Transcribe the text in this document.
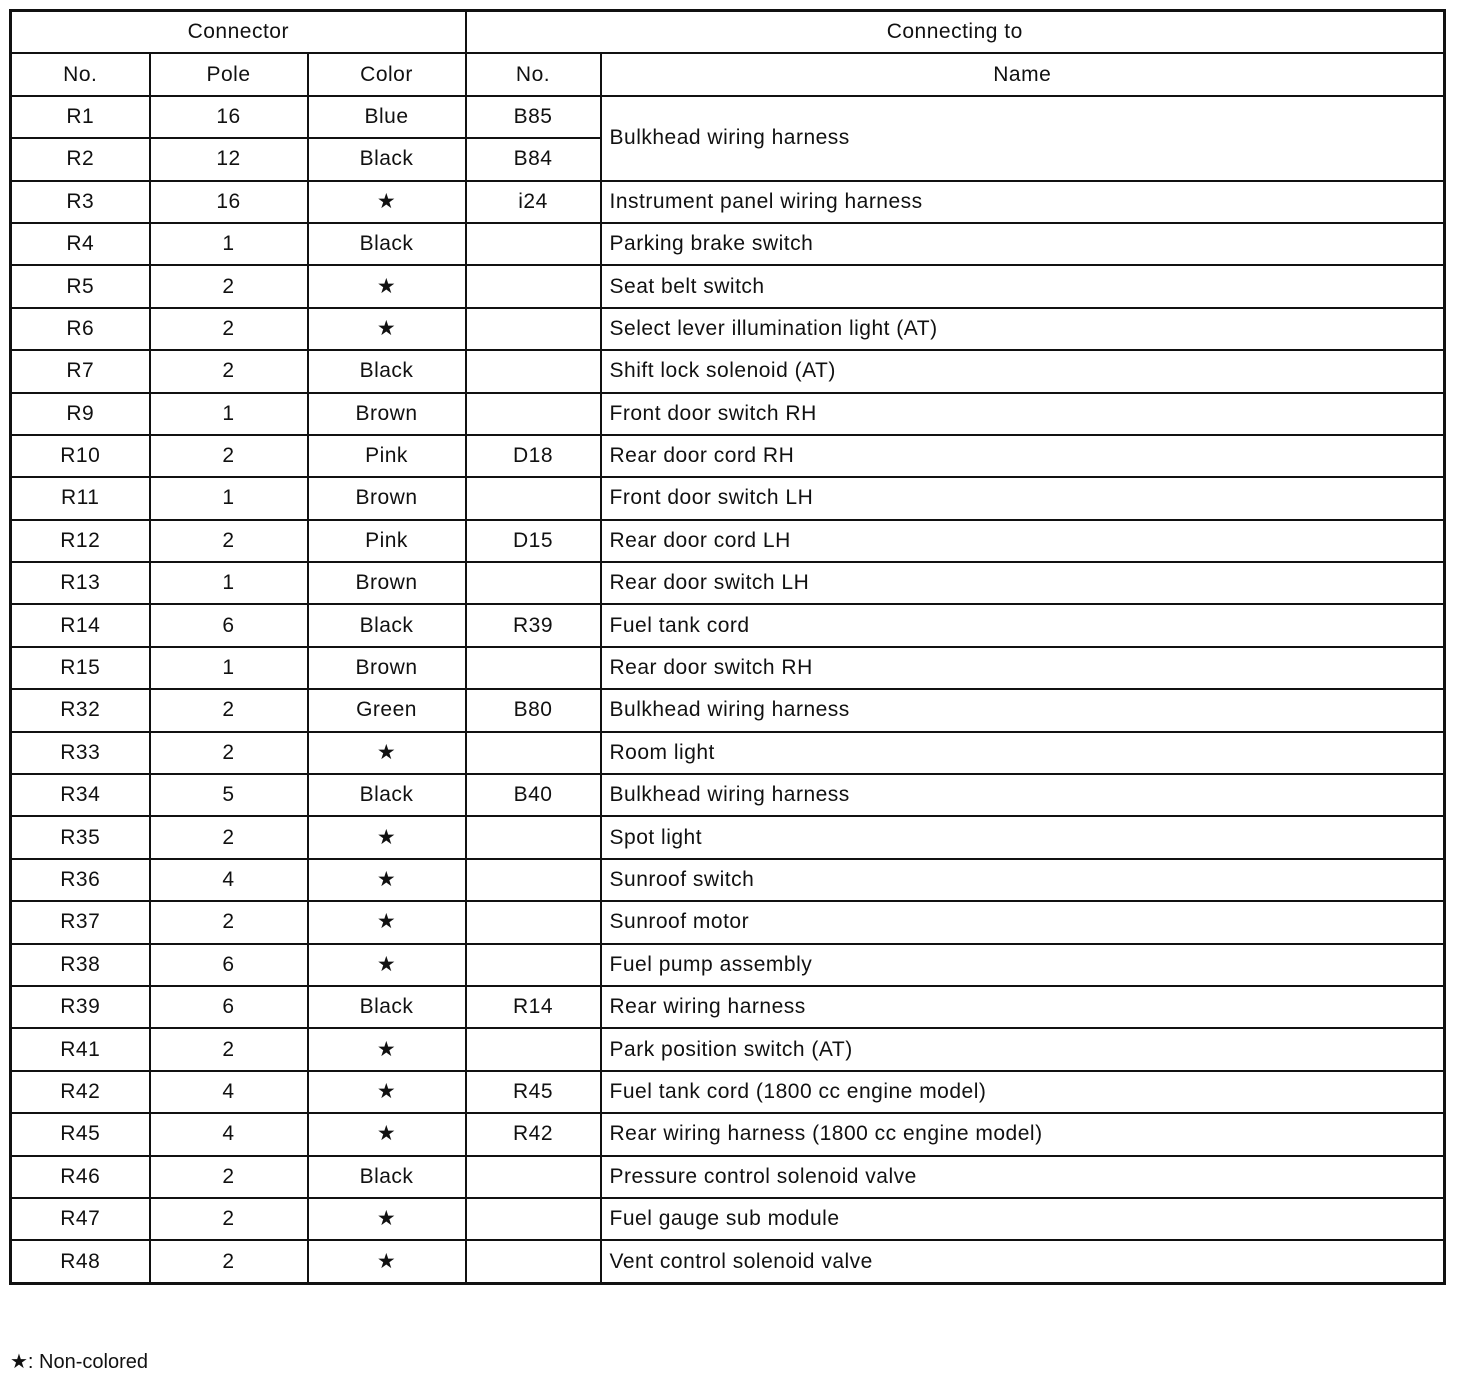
Connector			Connecting to	
No.	Pole	Color	No.	Name
R1	16	Blue	B85	Bulkhead wiring harness
R2	12	Black	B84	
R3	16	★	i24	Instrument panel wiring harness
R4	1	Black		Parking brake switch
R5	2	★		Seat belt switch
R6	2	★		Select lever illumination light (AT)
R7	2	Black		Shift lock solenoid (AT)
R9	1	Brown		Front door switch RH
R10	2	Pink	D18	Rear door cord RH
R11	1	Brown		Front door switch LH
R12	2	Pink	D15	Rear door cord LH
R13	1	Brown		Rear door switch LH
R14	6	Black	R39	Fuel tank cord
R15	1	Brown		Rear door switch RH
R32	2	Green	B80	Bulkhead wiring harness
R33	2	★		Room light
R34	5	Black	B40	Bulkhead wiring harness
R35	2	★		Spot light
R36	4	★		Sunroof switch
R37	2	★		Sunroof motor
R38	6	★		Fuel pump assembly
R39	6	Black	R14	Rear wiring harness
R41	2	★		Park position switch (AT)
R42	4	★	R45	Fuel tank cord (1800 cc engine model)
R45	4	★	R42	Rear wiring harness (1800 cc engine model)
R46	2	Black		Pressure control solenoid valve
R47	2	★		Fuel gauge sub module
R48	2	★		Vent control solenoid valve
★: Non-colored
